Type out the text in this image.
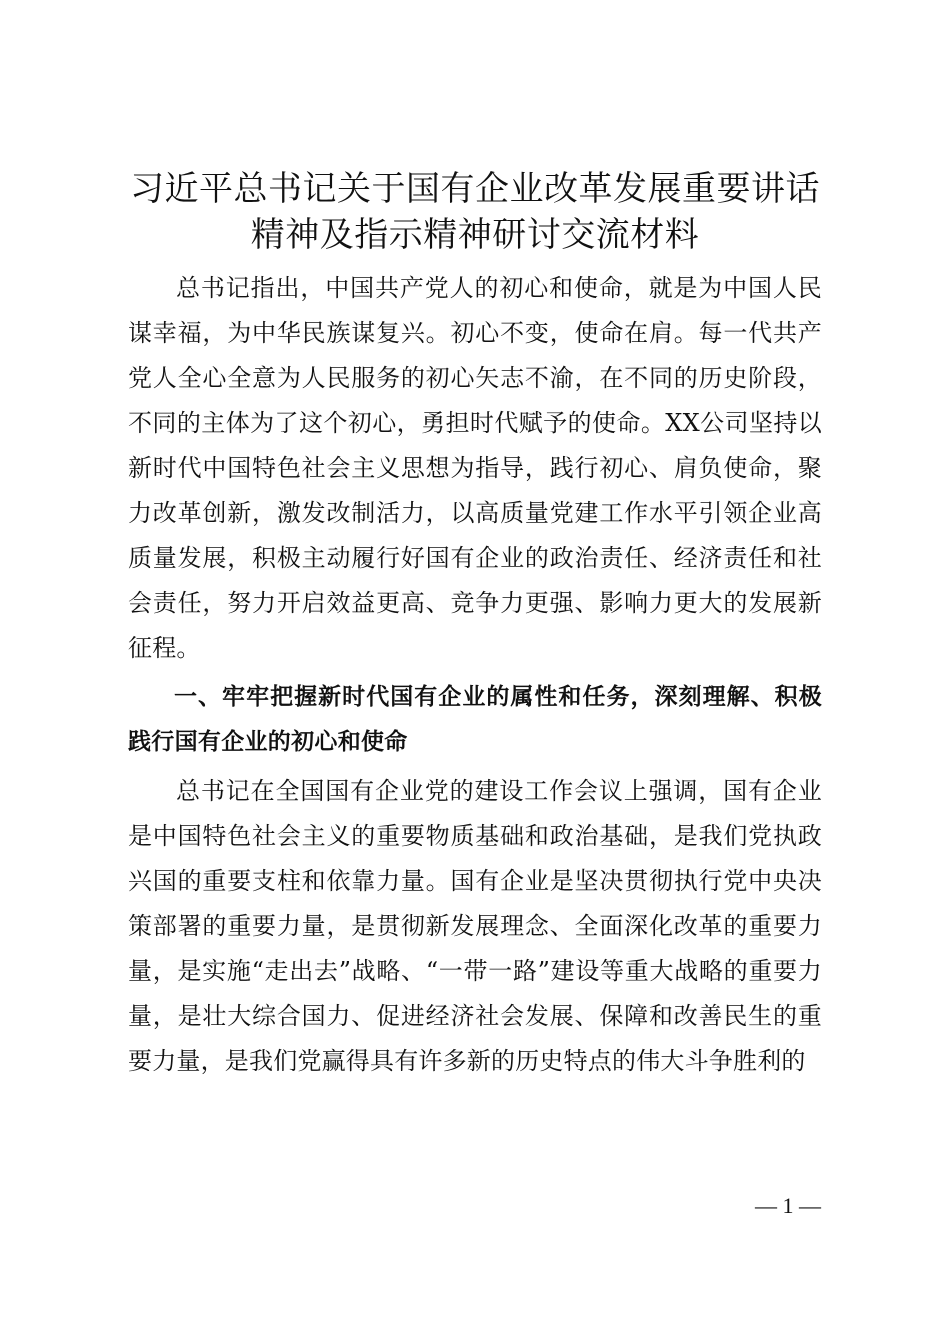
习近平总书记关于国有企业改革发展重要讲话
精神及指示精神研讨交流材料

总书记指出，中国共产党人的初心和使命，就是为中国人民谋幸福，为中华民族谋复兴。初心不变，使命在肩。每一代共产党人全心全意为人民服务的初心矢志不渝，在不同的历史阶段，不同的主体为了这个初心，勇担时代赋予的使命。XX公司坚持以新时代中国特色社会主义思想为指导，践行初心、肩负使命，聚力改革创新，激发改制活力，以高质量党建工作水平引领企业高质量发展，积极主动履行好国有企业的政治责任、经济责任和社会责任，努力开启效益更高、竞争力更强、影响力更大的发展新征程。

一、牢牢把握新时代国有企业的属性和任务，深刻理解、积极践行国有企业的初心和使命

总书记在全国国有企业党的建设工作会议上强调，国有企业是中国特色社会主义的重要物质基础和政治基础，是我们党执政兴国的重要支柱和依靠力量。国有企业是坚决贯彻执行党中央决策部署的重要力量，是贯彻新发展理念、全面深化改革的重要力量，是实施“走出去”战略、“一带一路”建设等重大战略的重要力量，是壮大综合国力、促进经济社会发展、保障和改善民生的重要力量，是我们党赢得具有许多新的历史特点的伟大斗争胜利的

— 1 —
